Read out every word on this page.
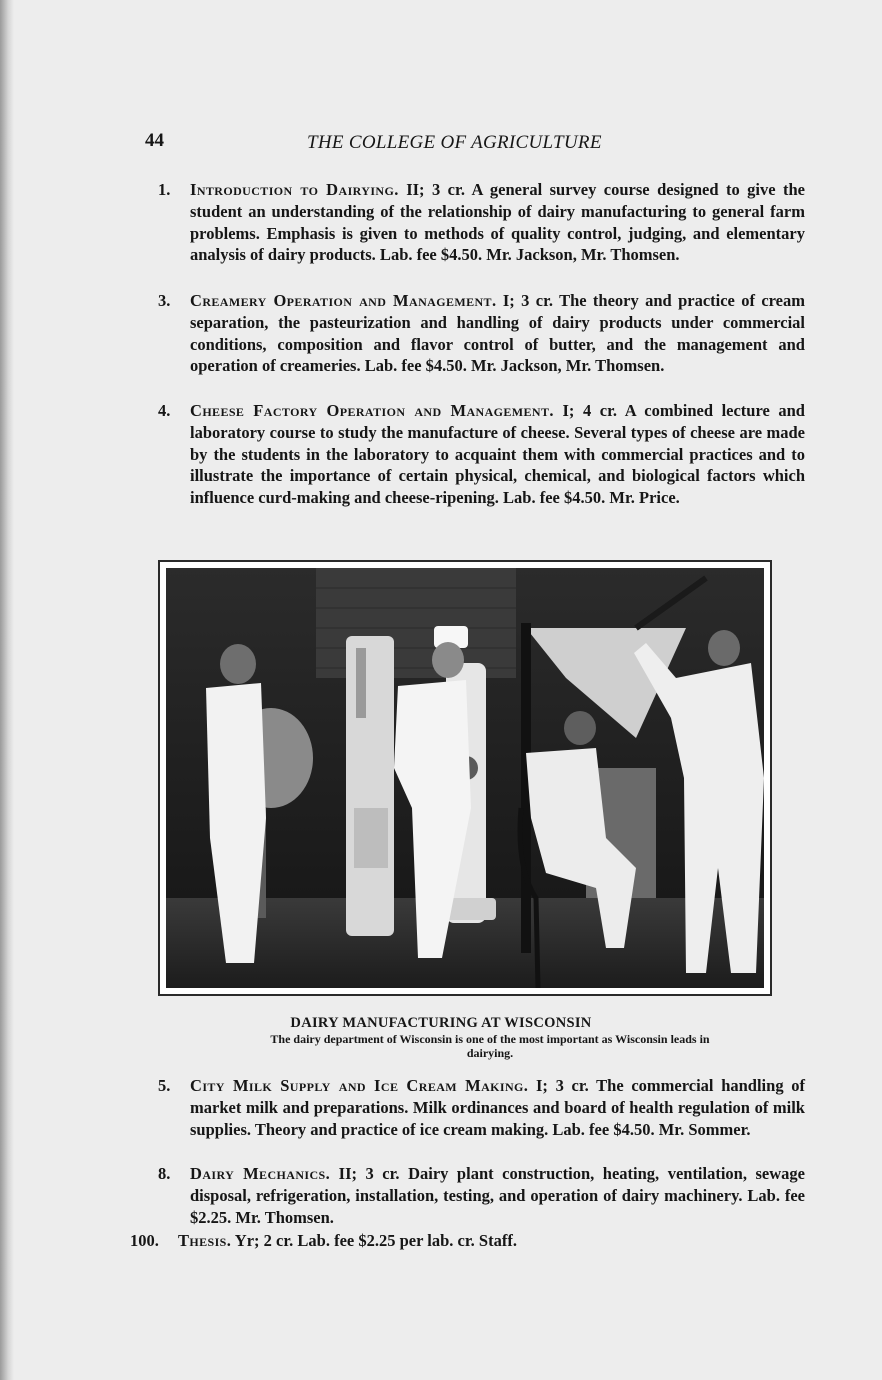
44	THE COLLEGE OF AGRICULTURE
1.	Introduction to Dairying. II; 3 cr. A general survey course designed to give the student an understanding of the relationship of dairy manufacturing to general farm problems. Emphasis is given to methods of quality control, judging, and elementary analysis of dairy products. Lab. fee $4.50. Mr. Jackson, Mr. Thomsen.
3.	Creamery Operation and Management. I; 3 cr. The theory and practice of cream separation, the pasteurization and handling of dairy products under commercial conditions, composition and flavor control of butter, and the management and operation of creameries. Lab. fee $4.50. Mr. Jackson, Mr. Thomsen.
4.	Cheese Factory Operation and Management. I; 4 cr. A combined lecture and laboratory course to study the manufacture of cheese. Several types of cheese are made by the students in the laboratory to acquaint them with commercial practices and to illustrate the importance of certain physical, chemical, and biological factors which influence curd-making and cheese-ripening. Lab. fee $4.50. Mr. Price.
DAIRY MANUFACTURING AT WISCONSIN
The dairy department of Wisconsin is one of the most important as Wisconsin leads in dairying.
5.	City Milk Supply and Ice Cream Making. I; 3 cr. The commercial handling of market milk and preparations. Milk ordinances and board of health regulation of milk supplies. Theory and practice of ice cream making. Lab. fee $4.50. Mr. Sommer.
8.	Dairy Mechanics. II; 3 cr. Dairy plant construction, heating, ventilation, sewage disposal, refrigeration, installation, testing, and operation of dairy machinery. Lab. fee $2.25. Mr. Thomsen.
100.	Thesis. Yr; 2 cr. Lab. fee $2.25 per lab. cr. Staff.
